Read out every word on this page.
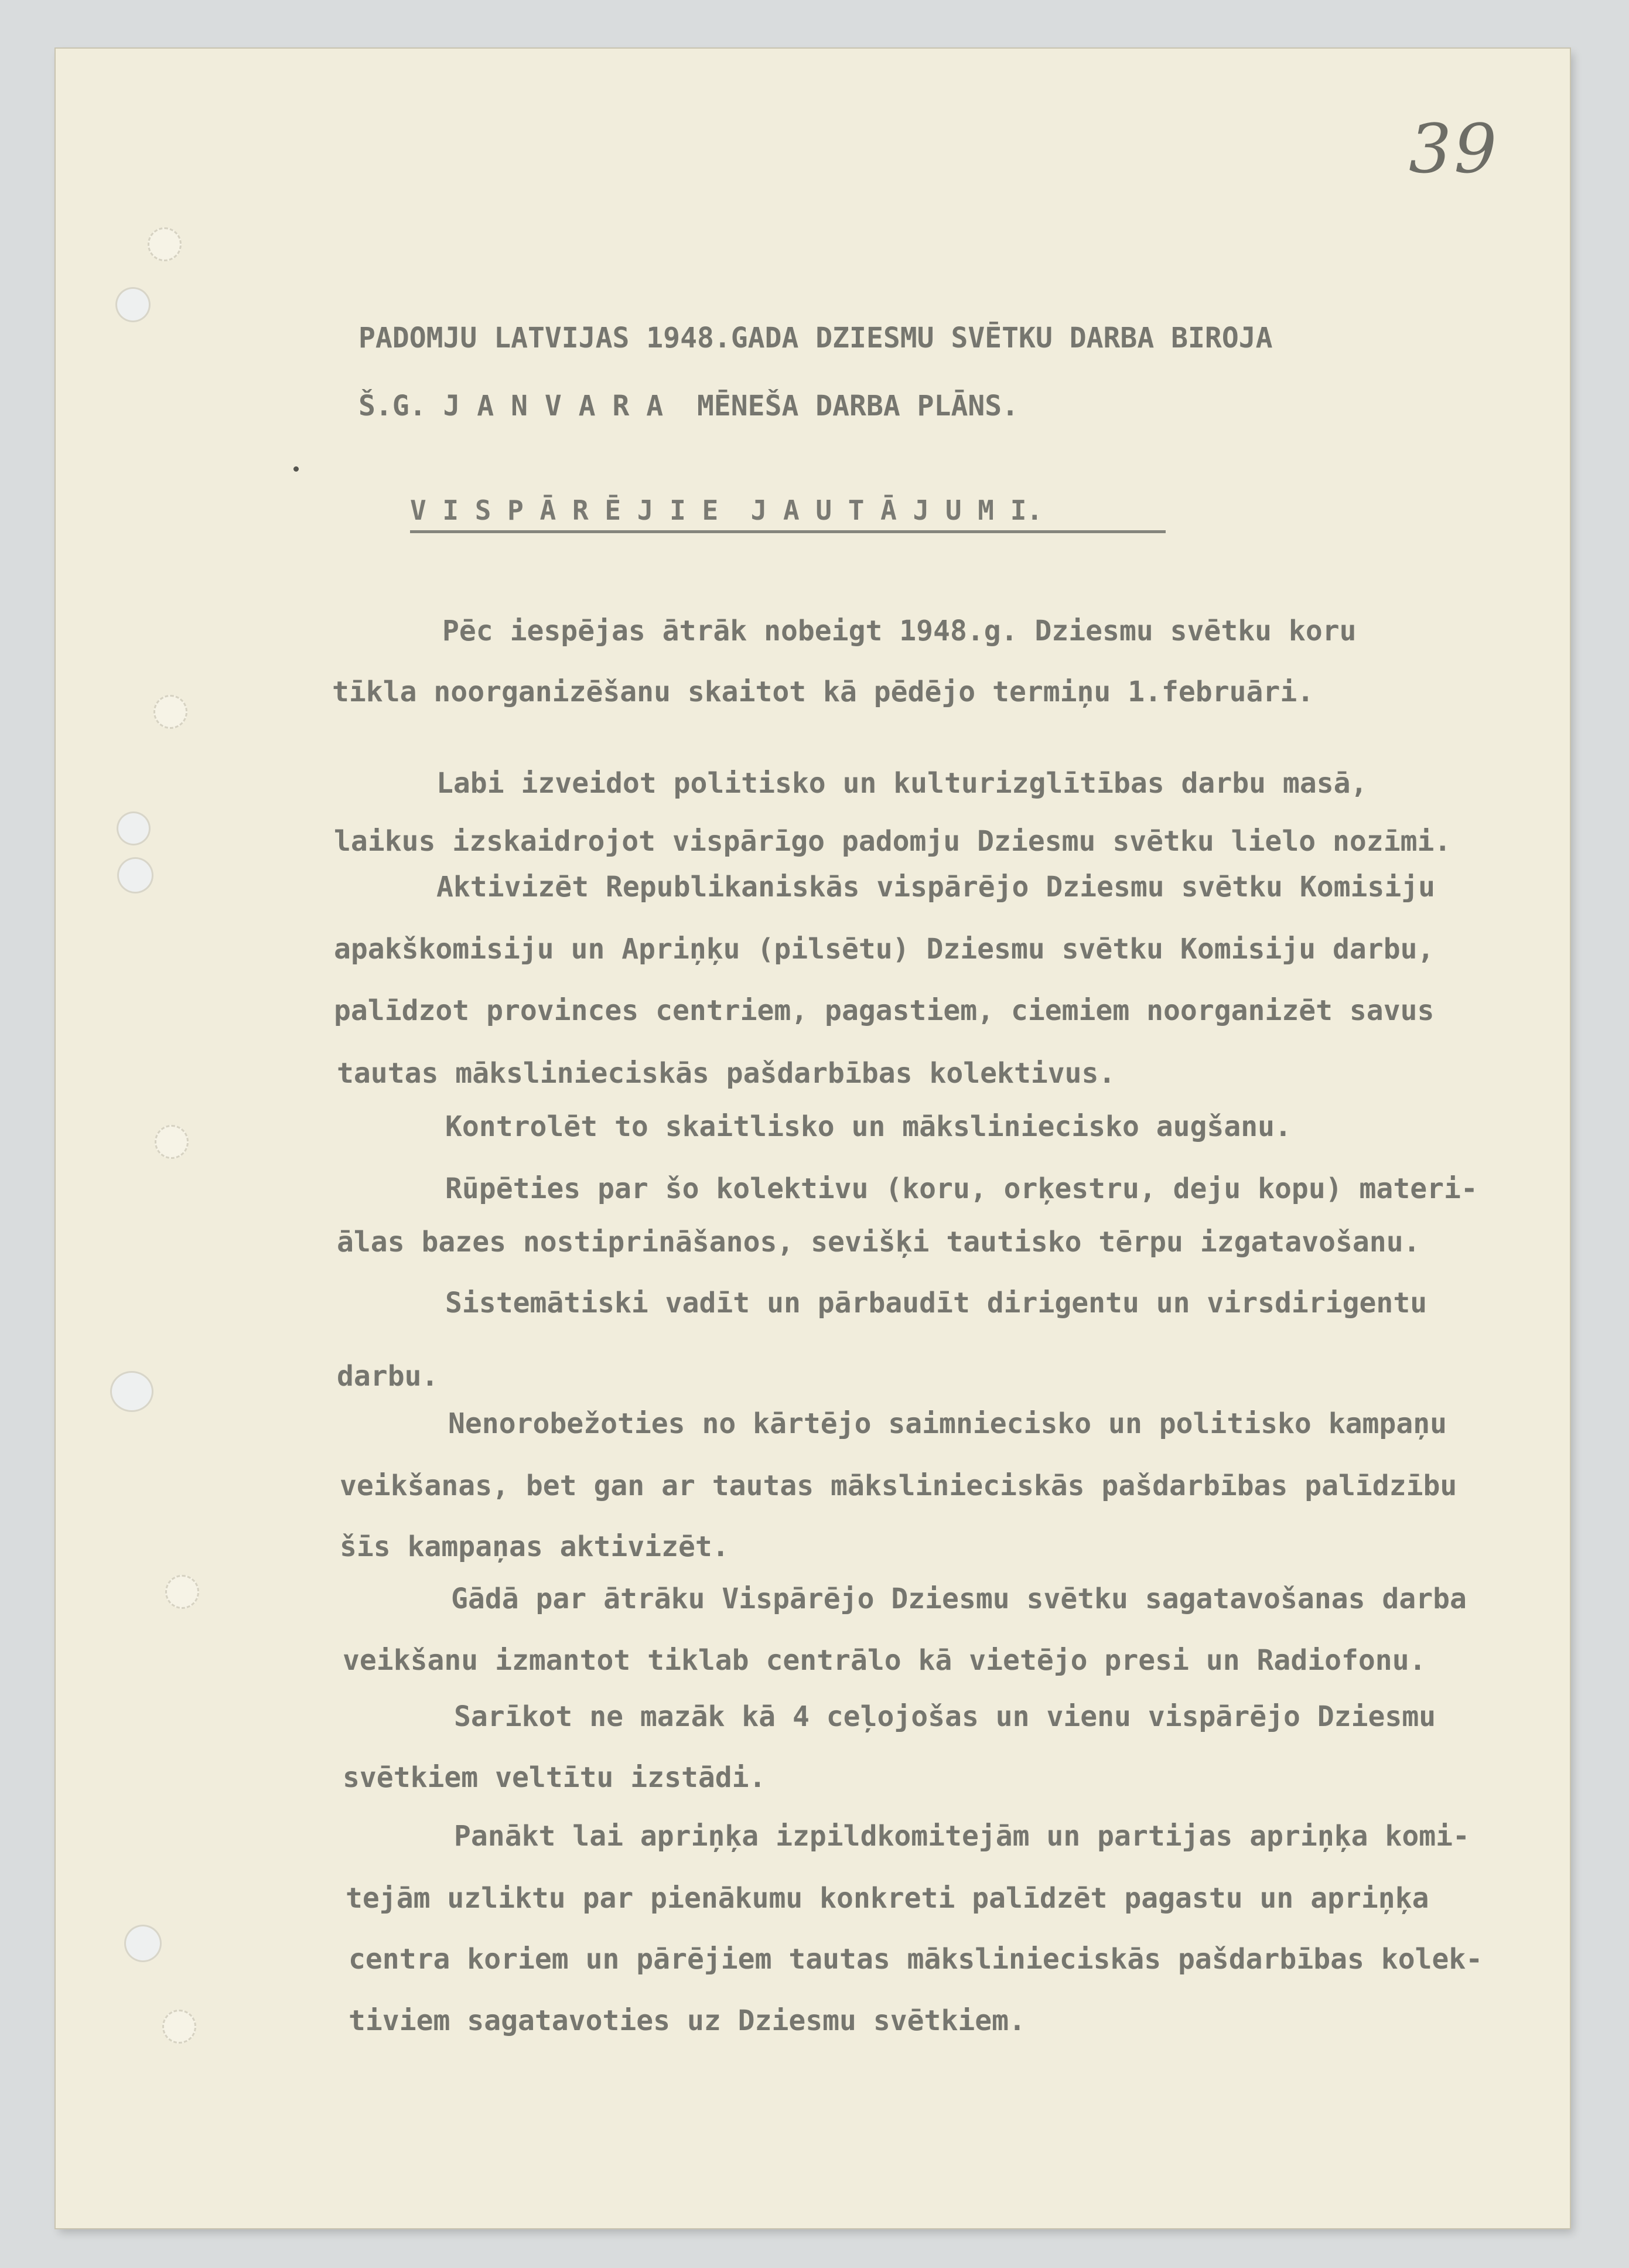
39
PADOMJU LATVIJAS 1948.GADA DZIESMU SVĒTKU DARBA BIROJA
Š.G. J A N V A R A  MĒNEŠA DARBA PLĀNS.
V I S P Ā R Ē J I E  J A U T Ā J U M I.
Pēc iespējas ātrāk nobeigt 1948.g. Dziesmu svētku koru
tīkla noorganizēšanu skaitot kā pēdējo termiņu 1.februāri.
Labi izveidot politisko un kulturizglītības darbu masā,
laikus izskaidrojot vispārīgo padomju Dziesmu svētku lielo nozīmi.
Aktivizēt Republikaniskās vispārējo Dziesmu svētku Komisiju
apakškomisiju un Apriņķu (pilsētu) Dziesmu svētku Komisiju darbu,
palīdzot provinces centriem, pagastiem, ciemiem noorganizēt savus
tautas mākslinieciskās pašdarbības kolektivus.
Kontrolēt to skaitlisko un mākslinieciskо augšanu.
Rūpēties par šo kolektivu (koru, orķestru, deju kopu) materi-
ālas bazes nostiprināšanos, sevišķi tautisko tērpu izgatavošanu.
Sistemātiski vadīt un pārbaudīt dirigentu un virsdirigentu
darbu.
Nenorobežoties no kārtējo saimnieciskо un politisko kampaņu
veikšanas, bet gan ar tautas mākslinieciskās pašdarbības palīdzību
šīs kampaņas aktivizēt.
Gādā par ātrāku Vispārējo Dziesmu svētku sagatavošanas darba
veikšanu izmantot tiklab centrālo kā vietējo presi un Radiofonu.
Sarīkot ne mazāk kā 4 ceļojošas un vienu vispārējo Dziesmu
svētkiem veltītu izstādi.
Panākt lai apriņķa izpildkomitejām un partijas apriņķa komi-
tejām uzliktu par pienākumu konkreti palīdzēt pagastu un apriņķa
centra koriem un pārējiem tautas mākslinieciskās pašdarbības kolek-
tiviem sagatavoties uz Dziesmu svētkiem.
